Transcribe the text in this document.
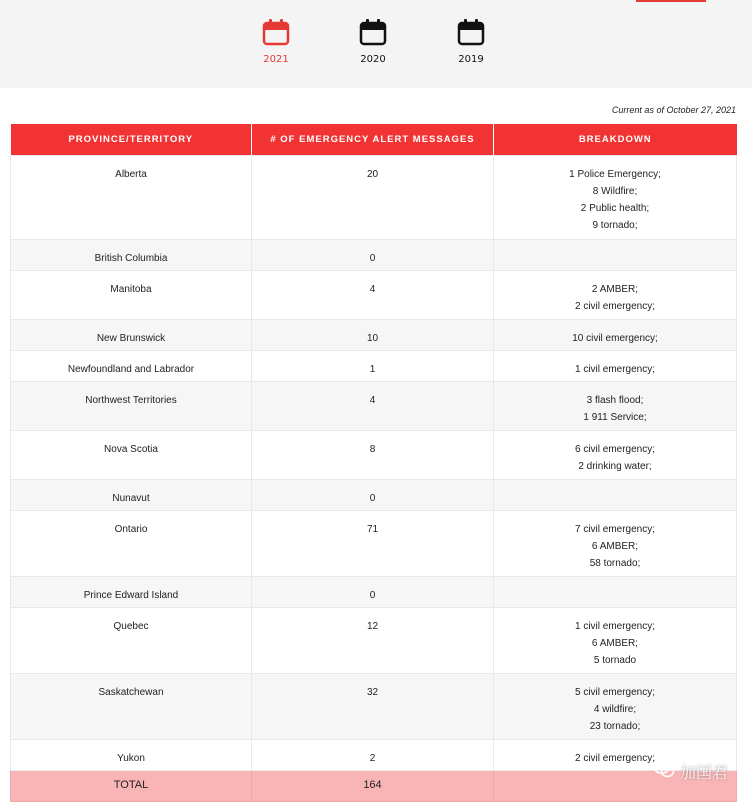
2021	2020	2019
Current as of October 27, 2021
PROVINCE/TERRITORY	# OF EMERGENCY ALERT MESSAGES	BREAKDOWN
Alberta	20	1 Police Emergency;
8 Wildfire;
2 Public health;
9 tornado;

British Columbia	0	
Manitoba	4	2 AMBER;
2 civil emergency;

New Brunswick	10	10 civil emergency;

Newfoundland and Labrador	1	1 civil emergency;

Northwest Territories	4	3 flash flood;
1 911 Service;

Nova Scotia	8	6 civil emergency;
2 drinking water;

Nunavut	0	
Ontario	71	7 civil emergency;
6 AMBER;
58 tornado;

Prince Edward Island	0	
Quebec	12	1 civil emergency;
6 AMBER;
5 tornado

Saskatchewan	32	5 civil emergency;
4 wildfire;
23 tornado;

Yukon	2	2 civil emergency;

TOTAL	164	
加国君
